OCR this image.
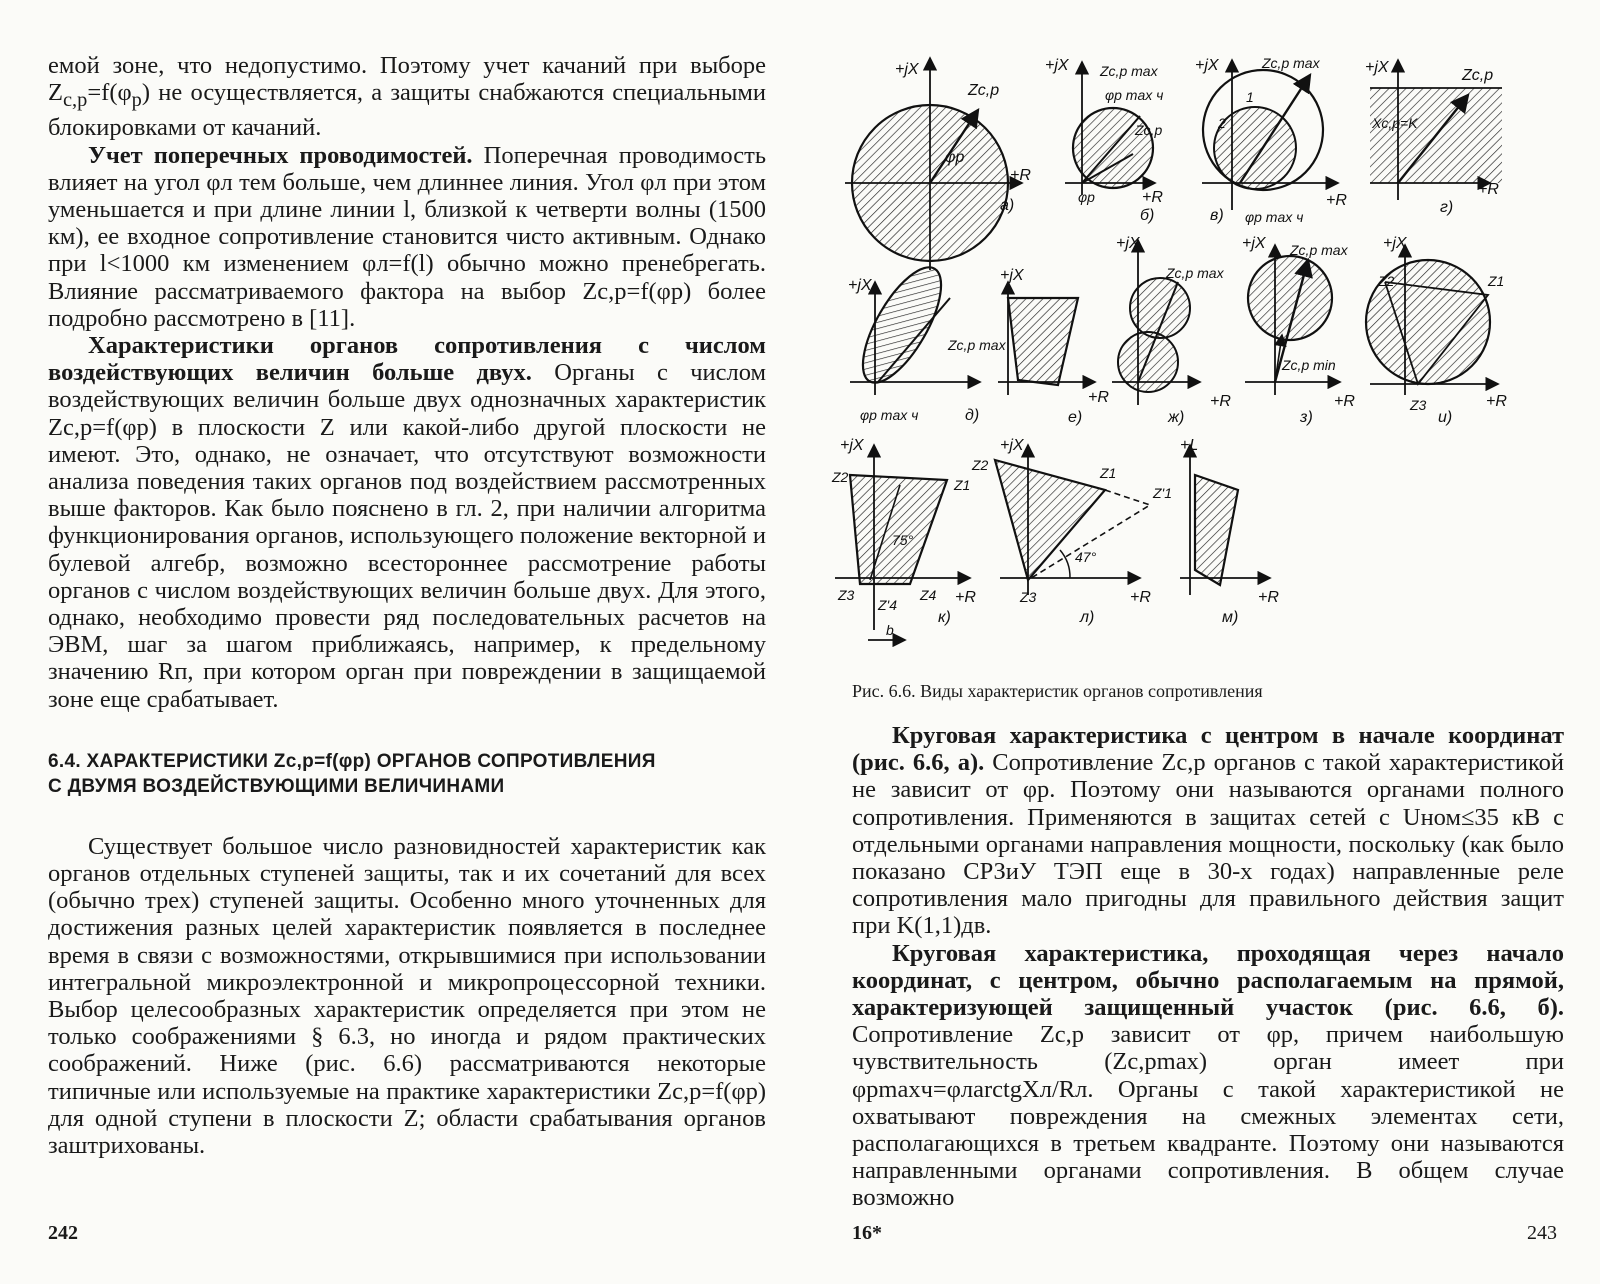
емой зоне, что недопустимо. Поэтому учет качаний при выборе $Z_{с,р}=f(\varphi_р)$ не осуществляется, а защиты снабжаются специальными блокировками от качаний.

Учет поперечных проводимостей. Поперечная проводимость влияет на угол φл тем больше, чем длиннее линия. Угол φл при этом уменьшается и при длине линии l, близкой к четверти волны (1500 км), ее входное сопротивление становится чисто активным. Однако при l<1000 км изменением φл=f(l) обычно можно пренебрегать. Влияние рассматриваемого фактора на выбор Zс,р=f(φр) более подробно рассмотрено в [11].

Характеристики органов сопротивления с числом воздействующих величин больше двух. Органы с числом воздействующих величин больше двух однозначных характеристик Zс,р=f(φр) в плоскости Z или какой-либо другой плоскости не имеют. Это, однако, не означает, что отсутствуют возможности анализа поведения таких органов под воздействием рассмотренных выше факторов. Как было пояснено в гл. 2, при наличии алгоритма функционирования органов, использующего положение векторной и булевой алгебр, возможно всестороннее рассмотрение работы органов с числом воздействующих величин больше двух. Для этого, однако, необходимо провести ряд последовательных расчетов на ЭВМ, шаг за шагом приближаясь, например, к предельному значению Rп, при котором орган при повреждении в защищаемой зоне еще срабатывает.

6.4. ХАРАКТЕРИСТИКИ Zс,р=f(φр) ОРГАНОВ СОПРОТИВЛЕНИЯ
С ДВУМЯ ВОЗДЕЙСТВУЮЩИМИ ВЕЛИЧИНАМИ

Существует большое число разновидностей характеристик как органов отдельных ступеней защиты, так и их сочетаний для всех (обычно трех) ступеней защиты. Особенно много уточненных для достижения разных целей характеристик появляется в последнее время в связи с возможностями, открывшимися при использовании интегральной микроэлектронной и микропроцессорной техники. Выбор целесообразных характеристик определяется при этом не только соображениями § 6.3, но иногда и рядом практических соображений. Ниже (рис. 6.6) рассматриваются некоторые типичные или используемые на практике характеристики Zс,р=f(φр) для одной ступени в плоскости Z; области срабатывания органов заштрихованы.

242
+jX
+R
Zс,р
φр
а)
+jX
+R
Zс,р max
φр max ч
Zс,р
φр
б)
+jX
+R
Zс,р max
1
2
в) φр max ч
+jX
+R
Zс,р
Xс,р=K
г)
+jX
Zс,р max
φр max ч	д)
+jX
+R
е)
+jX
+R
Zс,р max
ж)
+jX
+R
Zс,р max
Zс,р min
з)
+jX
+R
Z2	Z1
Z3
и)
+jX
Z2	Z1
Z3	Z4
Z'4
75°
b
+R
к)
+jX
Z2	Z1
Z'1
Z3
47°
+R
л)
+L
+R
м)
Рис. 6.6. Виды характеристик органов сопротивления

Круговая характеристика с центром в начале координат (рис. 6.6, а). Сопротивление Zс,р органов с такой характеристикой не зависит от φр. Поэтому они называются органами полного сопротивления. Применяются в защитах сетей с Uном≤35 кВ с отдельными органами направления мощности, поскольку (как было показано СРЗиУ ТЭП еще в 30-х годах) направленные реле сопротивления мало пригодны для правильного действия защит при K(1,1)дв.

Круговая характеристика, проходящая через начало координат, с центром, обычно располагаемым на прямой, характеризующей защищенный участок (рис. 6.6, б). Сопротивление Zс,р зависит от φр, причем наибольшую чувствительность (Zс,рmax) орган имеет при φрmaxч=φлarctgXл/Rл. Органы с такой характеристикой не охватывают повреждения на смежных элементах сети, располагающихся в третьем квадранте. Поэтому они называются направленными органами сопротивления. В общем случае возможно

16*	243
